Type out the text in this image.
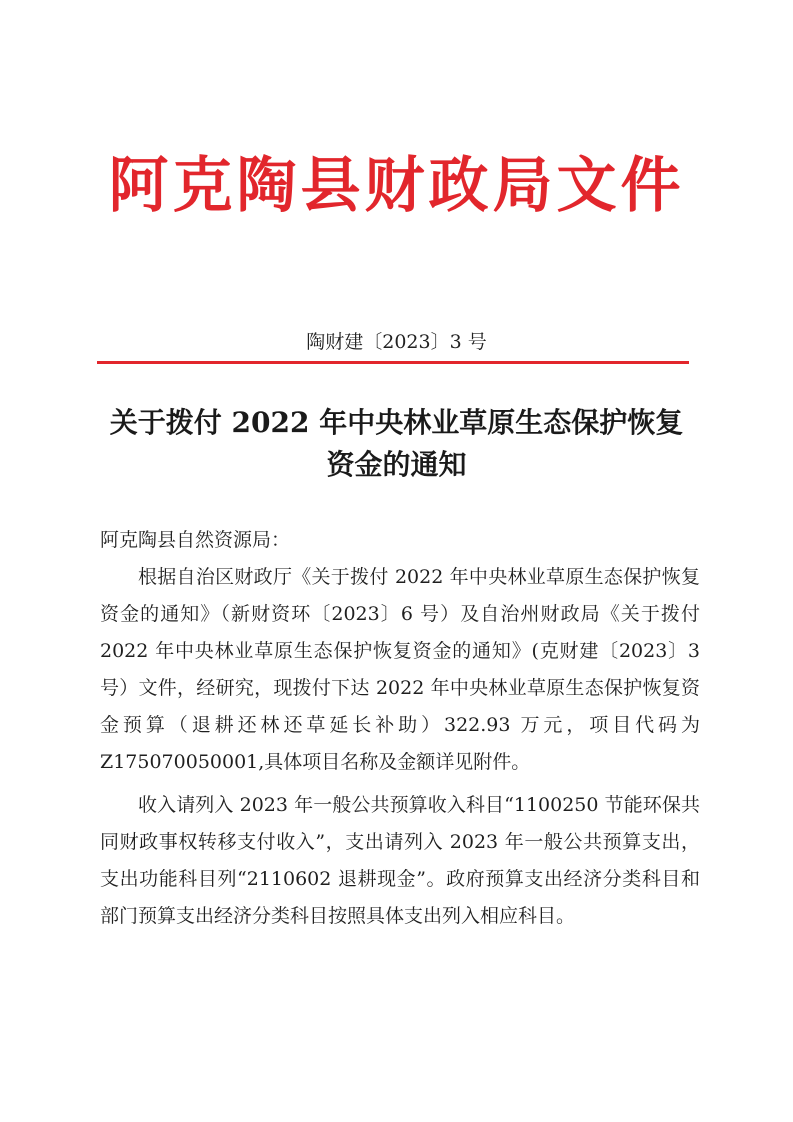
阿克陶县财政局文件
陶财建〔2023〕3 号
关于拨付 2022 年中央林业草原生态保护恢复
资金的通知

阿克陶县自然资源局：

根据自治区财政厅《关于拨付 2022 年中央林业草原生态保护恢复资金的通知》（新财资环〔2023〕6 号）及自治州财政局《关于拨付 2022 年中央林业草原生态保护恢复资金的通知》(克财建〔2023〕3 号）文件，经研究，现拨付下达 2022 年中央林业草原生态保护恢复资金预算（退耕还林还草延长补助）322.93 万元，项目代码为 Z175070050001,具体项目名称及金额详见附件。

收入请列入 2023 年一般公共预算收入科目“1100250 节能环保共同财政事权转移支付收入”，支出请列入 2023 年一般公共预算支出，支出功能科目列“2110602 退耕现金”。政府预算支出经济分类科目和部门预算支出经济分类科目按照具体支出列入相应科目。
